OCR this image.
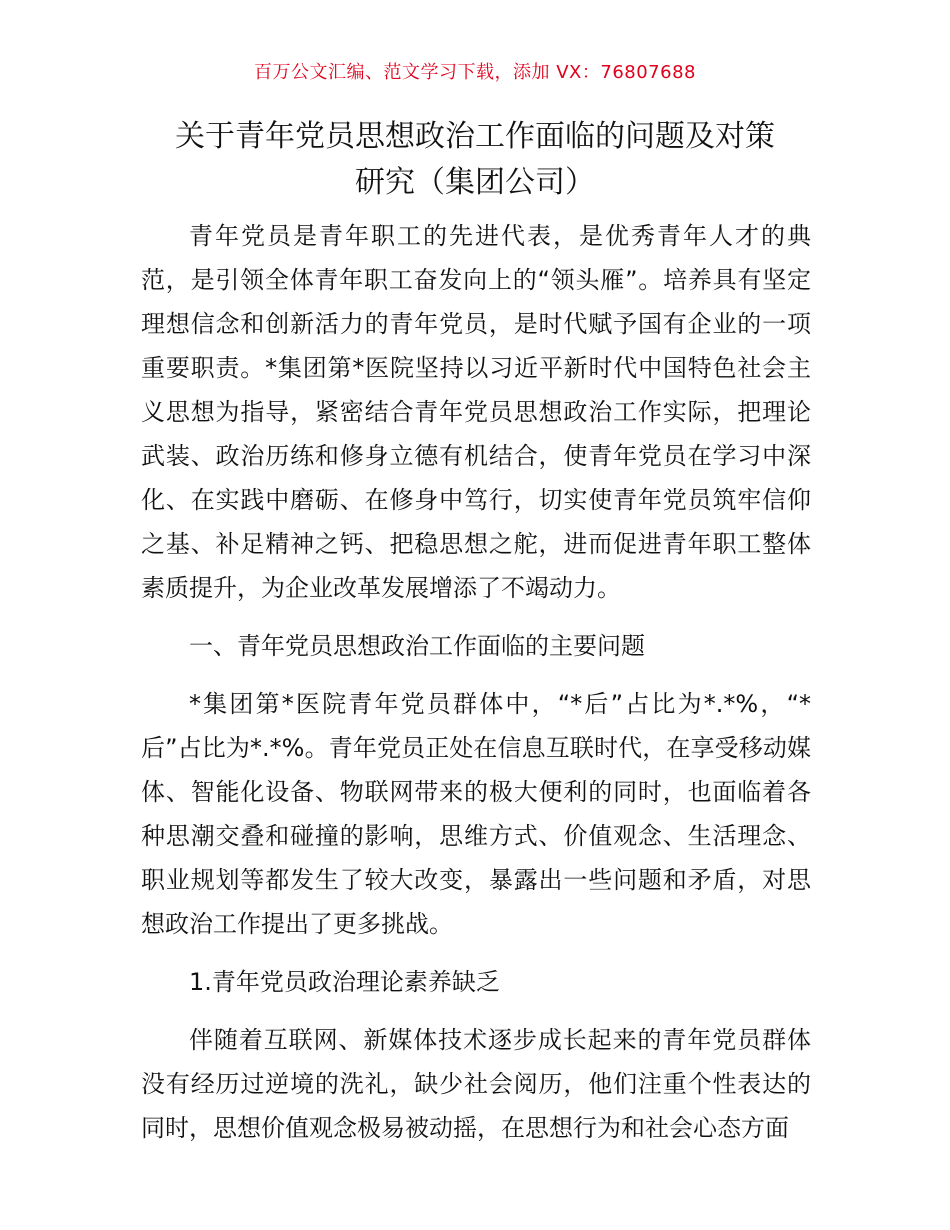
百万公文汇编、范文学习下载，添加 VX：76807688
关于青年党员思想政治工作面临的问题及对策
研究（集团公司）

青年党员是青年职工的先进代表，是优秀青年人才的典范，是引领全体青年职工奋发向上的“领头雁”。培养具有坚定理想信念和创新活力的青年党员，是时代赋予国有企业的一项重要职责。*集团第*医院坚持以习近平新时代中国特色社会主义思想为指导，紧密结合青年党员思想政治工作实际，把理论武装、政治历练和修身立德有机结合，使青年党员在学习中深化、在实践中磨砺、在修身中笃行，切实使青年党员筑牢信仰之基、补足精神之钙、把稳思想之舵，进而促进青年职工整体素质提升，为企业改革发展增添了不竭动力。

一、青年党员思想政治工作面临的主要问题

*集团第*医院青年党员群体中，“*后”占比为*.*%，“*后”占比为*.*%。青年党员正处在信息互联时代，在享受移动媒体、智能化设备、物联网带来的极大便利的同时，也面临着各种思潮交叠和碰撞的影响，思维方式、价值观念、生活理念、职业规划等都发生了较大改变，暴露出一些问题和矛盾，对思想政治工作提出了更多挑战。

1.青年党员政治理论素养缺乏

伴随着互联网、新媒体技术逐步成长起来的青年党员群体没有经历过逆境的洗礼，缺少社会阅历，他们注重个性表达的同时，思想价值观念极易被动摇，在思想行为和社会心态方面
